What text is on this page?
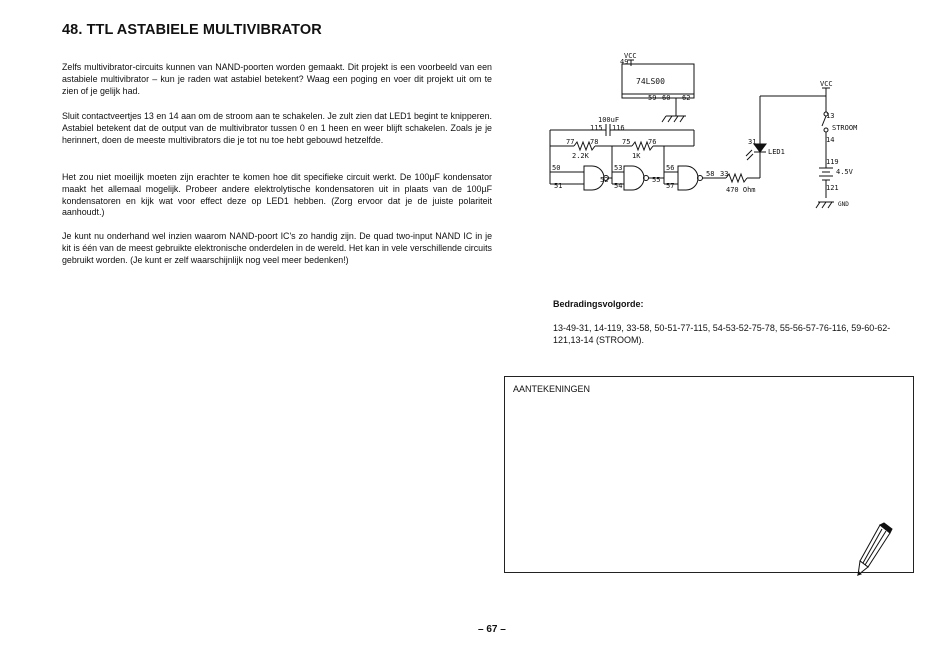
48. TTL ASTABIELE MULTIVIBRATOR

Zelfs multivibrator-circuits kunnen van NAND-poorten worden gemaakt. Dit projekt is een voorbeeld van een astabiele multivibrator – kun je raden wat astabiel betekent? Waag een poging en voer dit projekt uit om te zien of je gelijk had.

Sluit contactveertjes 13 en 14 aan om de stroom aan te schakelen. Je zult zien dat LED1 begint te knipperen. Astabiel betekent dat de output van de multivibrator tussen 0 en 1 heen en weer blijft schakelen. Zoals je je herinnert, doen de meeste multivibrators die je tot nu toe hebt gebouwd hetzelfde.

Het zou niet moeilijk moeten zijn erachter te komen hoe dit specifieke circuit werkt. De 100µF kondensator maakt het allemaal mogelijk. Probeer andere elektrolytische kondensatoren uit in plaats van de 100µF kondensatoren en kijk wat voor effect deze op LED1 hebben. (Zorg ervoor dat je de juiste polariteit aanhoudt.)

Je kunt nu onderhand wel inzien waarom NAND-poort IC's zo handig zijn. De quad two-input NAND IC in je kit is één van de meest gebruikte elektronische onderdelen in de wereld. Het kan in vele verschillende circuits gebruikt worden. (Je kunt er zelf waarschijnlijk nog veel meer bedenken!)

VCC
49
74LS00
59 60 62
100uF
115 116
77 78
2.2K
75	76
1K
50
51
52
53
54
55
56
57
58 33
470 Ohm
31
LED1
VCC
13
STROOM
14
119
4.5V
121
GND

Bedradingsvolgorde:

13-49-31, 14-119, 33-58, 50-51-77-115, 54-53-52-75-78, 55-56-57-76-116, 59-60-62-121,13-14 (STROOM).

AANTEKENINGEN

– 67 –
